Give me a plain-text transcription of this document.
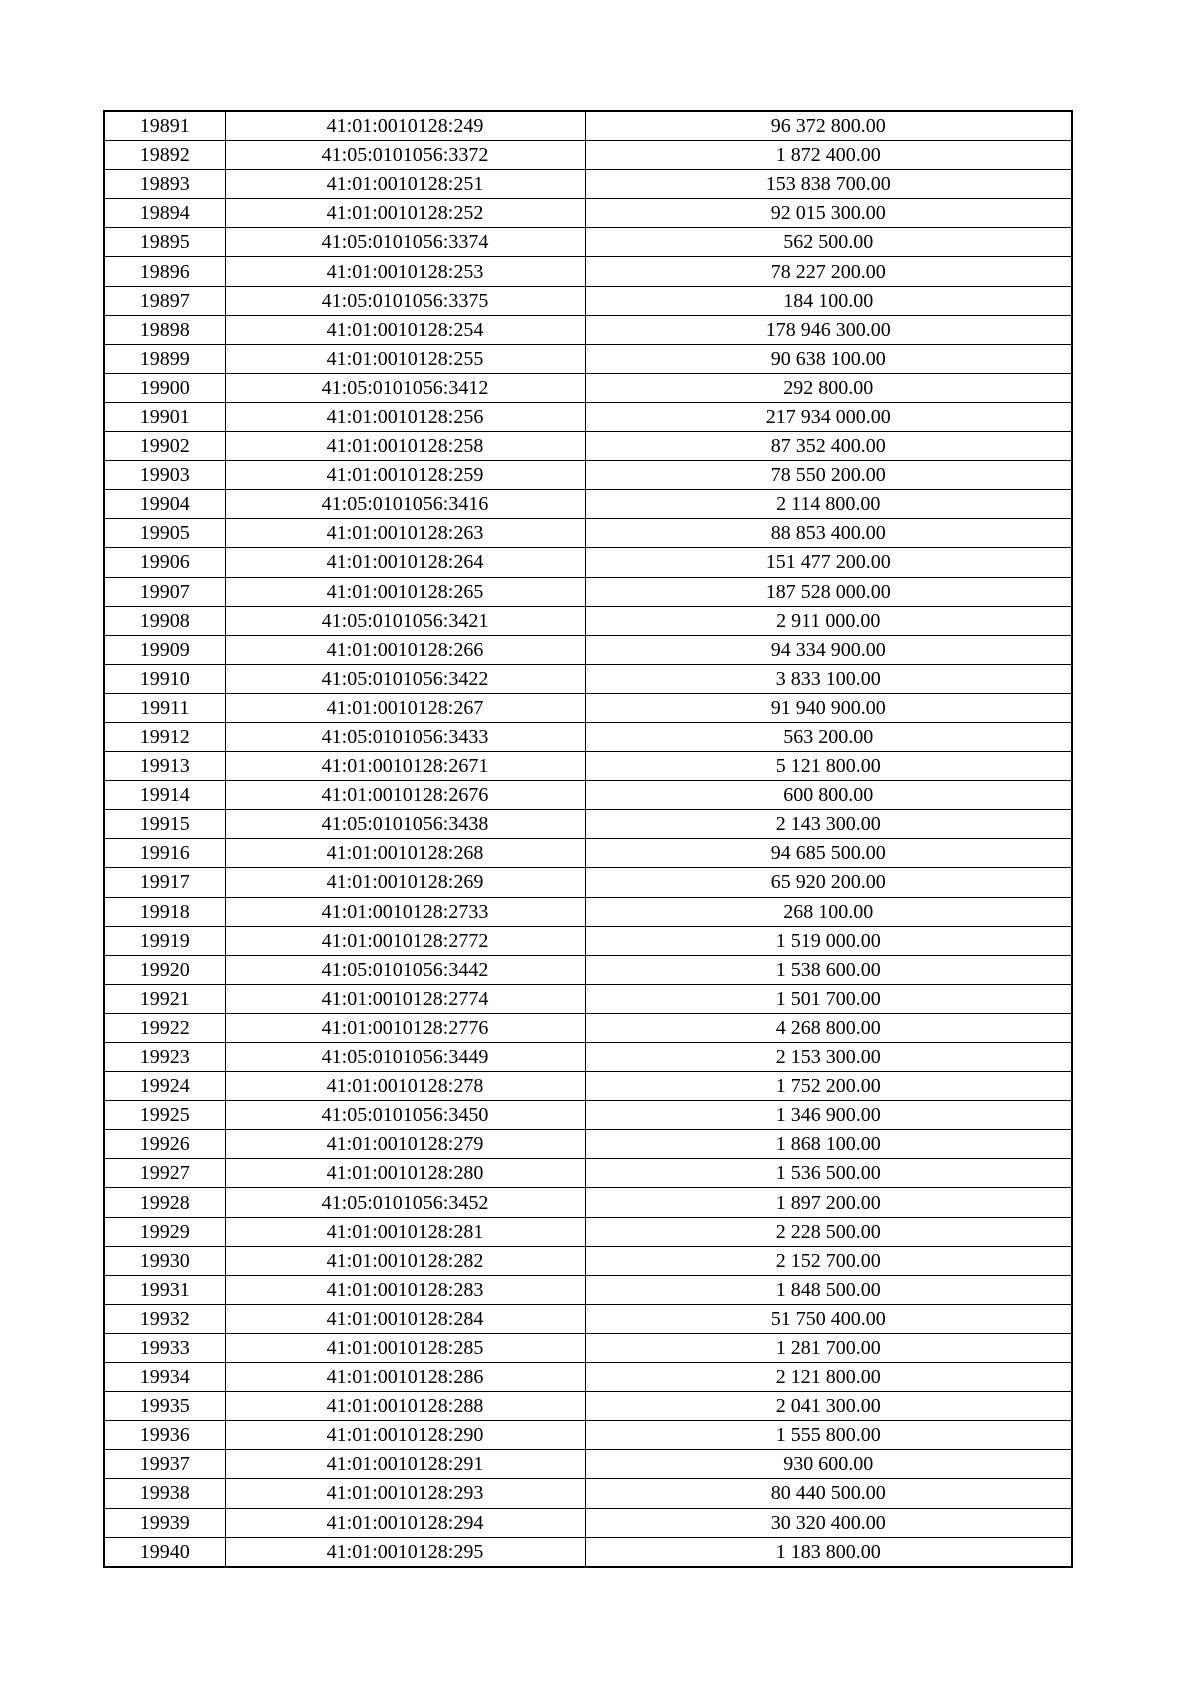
19891	41:01:0010128:249	96 372 800.00
19892	41:05:0101056:3372	1 872 400.00
19893	41:01:0010128:251	153 838 700.00
19894	41:01:0010128:252	92 015 300.00
19895	41:05:0101056:3374	562 500.00
19896	41:01:0010128:253	78 227 200.00
19897	41:05:0101056:3375	184 100.00
19898	41:01:0010128:254	178 946 300.00
19899	41:01:0010128:255	90 638 100.00
19900	41:05:0101056:3412	292 800.00
19901	41:01:0010128:256	217 934 000.00
19902	41:01:0010128:258	87 352 400.00
19903	41:01:0010128:259	78 550 200.00
19904	41:05:0101056:3416	2 114 800.00
19905	41:01:0010128:263	88 853 400.00
19906	41:01:0010128:264	151 477 200.00
19907	41:01:0010128:265	187 528 000.00
19908	41:05:0101056:3421	2 911 000.00
19909	41:01:0010128:266	94 334 900.00
19910	41:05:0101056:3422	3 833 100.00
19911	41:01:0010128:267	91 940 900.00
19912	41:05:0101056:3433	563 200.00
19913	41:01:0010128:2671	5 121 800.00
19914	41:01:0010128:2676	600 800.00
19915	41:05:0101056:3438	2 143 300.00
19916	41:01:0010128:268	94 685 500.00
19917	41:01:0010128:269	65 920 200.00
19918	41:01:0010128:2733	268 100.00
19919	41:01:0010128:2772	1 519 000.00
19920	41:05:0101056:3442	1 538 600.00
19921	41:01:0010128:2774	1 501 700.00
19922	41:01:0010128:2776	4 268 800.00
19923	41:05:0101056:3449	2 153 300.00
19924	41:01:0010128:278	1 752 200.00
19925	41:05:0101056:3450	1 346 900.00
19926	41:01:0010128:279	1 868 100.00
19927	41:01:0010128:280	1 536 500.00
19928	41:05:0101056:3452	1 897 200.00
19929	41:01:0010128:281	2 228 500.00
19930	41:01:0010128:282	2 152 700.00
19931	41:01:0010128:283	1 848 500.00
19932	41:01:0010128:284	51 750 400.00
19933	41:01:0010128:285	1 281 700.00
19934	41:01:0010128:286	2 121 800.00
19935	41:01:0010128:288	2 041 300.00
19936	41:01:0010128:290	1 555 800.00
19937	41:01:0010128:291	930 600.00
19938	41:01:0010128:293	80 440 500.00
19939	41:01:0010128:294	30 320 400.00
19940	41:01:0010128:295	1 183 800.00
